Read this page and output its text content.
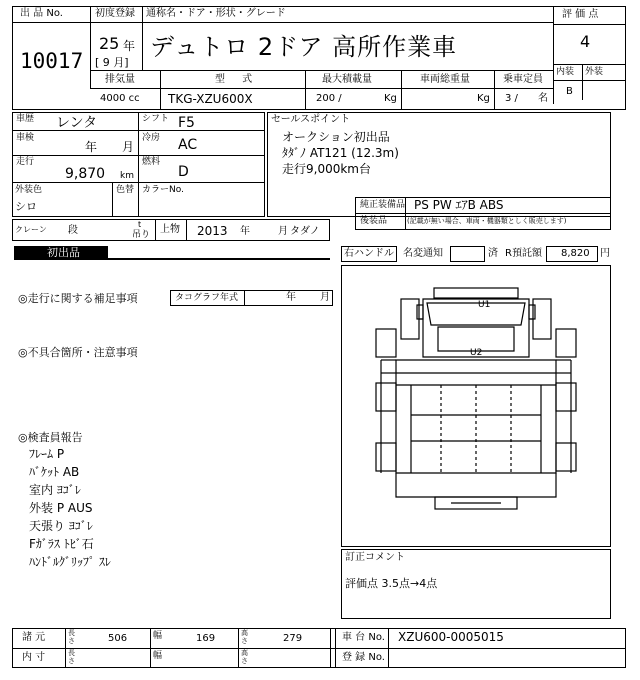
出 品 No.
10017
初度登録
25 年
[ 9 月]
通称名・ドア・形状・グレード
デュトロ 2ドア 高所作業車
評 価 点
4
内装 外装
B
排気量
4000 cc
型 式
TKG-XZU600X
最大積載量
200 /	Kg
車両総重量
Kg
乗車定員
3 / 名
車歴 レンタ	シフト F5
車検
年 月
冷房 AC
走行
9,870 km
燃料
D
外装色
シロ
色替 カラーNo.
クレーン 段
t
吊り 上物 2013 年	月 タダノ
セールスポイント
オークション初出品
ﾀﾀﾞﾉ AT121 (12.3m)
走行9,000km台
純正装備品 PS PW ｴｱB ABS
後装品	(記載が無い場合、車両・機器類としく販売します)
初出品	右ハンドル 名変通知	済 R預託額 8,820 円
◎走行に関する補足事項	タコグラフ年式	年 月
◎不具合箇所・注意事項
◎検査員報告
ﾌﾚｰﾑ P
ﾊﾞｹｯﾄ AB
室内 ﾖｺﾞﾚ
外装 P AUS
天張り ﾖｺﾞﾚ
Fｶﾞﾗｽ ﾄﾋﾞ石
ﾊﾝﾄﾞﾙｸﾞﾘｯﾌﾟ ｽﾚ
U1
U2
訂正コメント
評価点 3.5点→4点
諸 元	長さ	506	幅	169	高さ	279	車 台 No. XZU600-0005015
内 寸	長さ	幅	高さ	登 録 No.
